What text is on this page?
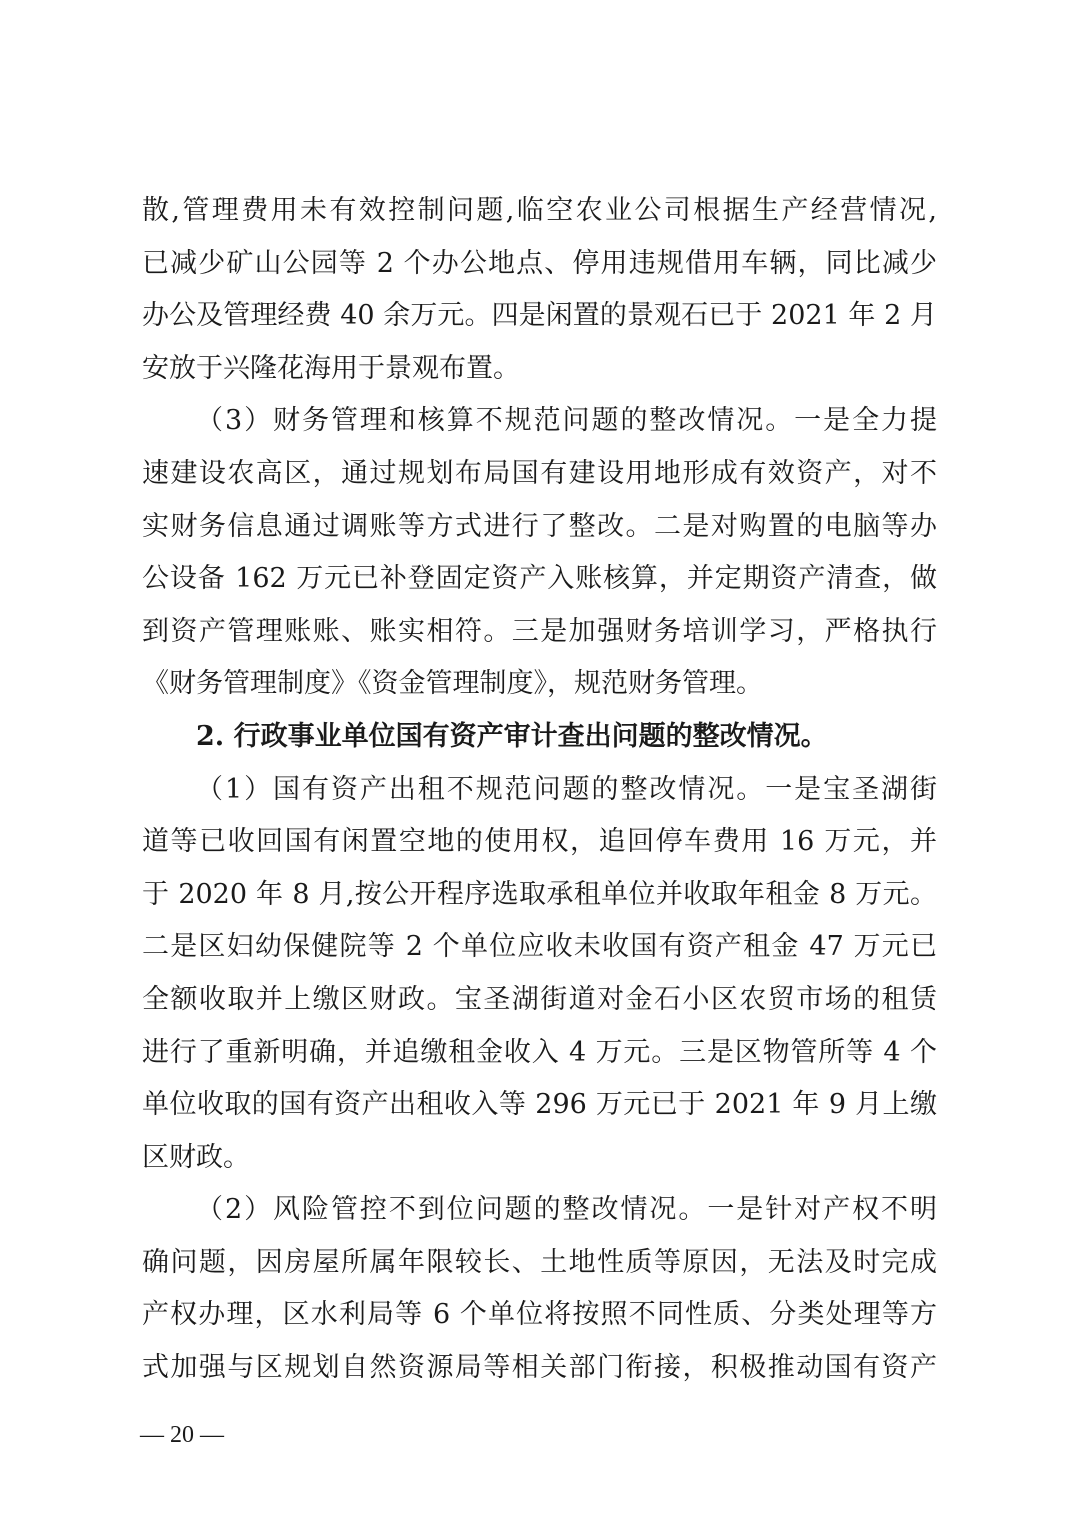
散,管理费用未有效控制问题,临空农业公司根据生产经营情况,
已减少矿山公园等 2 个办公地点、停用违规借用车辆，同比减少
办公及管理经费 40 余万元。四是闲置的景观石已于 2021 年 2 月
安放于兴隆花海用于景观布置。
（3）财务管理和核算不规范问题的整改情况。一是全力提
速建设农高区，通过规划布局国有建设用地形成有效资产，对不
实财务信息通过调账等方式进行了整改。二是对购置的电脑等办
公设备 162 万元已补登固定资产入账核算，并定期资产清查，做
到资产管理账账、账实相符。三是加强财务培训学习，严格执行
《财务管理制度》《资金管理制度》，规范财务管理。
2. 行政事业单位国有资产审计查出问题的整改情况。
（1）国有资产出租不规范问题的整改情况。一是宝圣湖街
道等已收回国有闲置空地的使用权，追回停车费用 16 万元，并
于 2020 年 8 月,按公开程序选取承租单位并收取年租金 8 万元。
二是区妇幼保健院等 2 个单位应收未收国有资产租金 47 万元已
全额收取并上缴区财政。宝圣湖街道对金石小区农贸市场的租赁
进行了重新明确，并追缴租金收入 4 万元。三是区物管所等 4 个
单位收取的国有资产出租收入等 296 万元已于 2021 年 9 月上缴
区财政。
（2）风险管控不到位问题的整改情况。一是针对产权不明
确问题，因房屋所属年限较长、土地性质等原因，无法及时完成
产权办理，区水利局等 6 个单位将按照不同性质、分类处理等方
式加强与区规划自然资源局等相关部门衔接，积极推动国有资产
— 20 —
